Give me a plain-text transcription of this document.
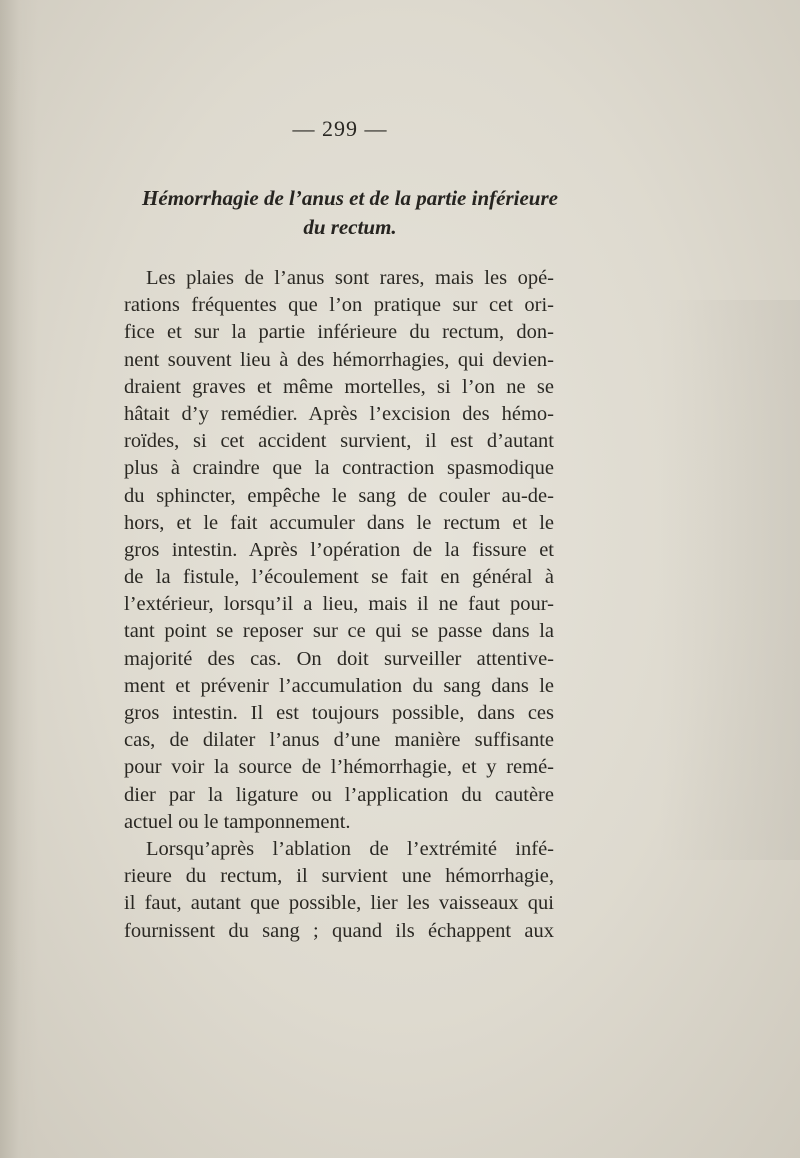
— 299 —
Hémorrhagie de l’anus et de la partie inférieure
du rectum.
Les plaies de l’anus sont rares, mais les opé-
rations fréquentes que l’on pratique sur cet ori-
fice et sur la partie inférieure du rectum, don-
nent souvent lieu à des hémorrhagies, qui devien-
draient graves et même mortelles, si l’on ne se
hâtait d’y remédier. Après l’excision des hémo-
roïdes, si cet accident survient, il est d’autant
plus à craindre que la contraction spasmodique
du sphincter, empêche le sang de couler au-de-
hors, et le fait accumuler dans le rectum et le
gros intestin. Après l’opération de la fissure et
de la fistule, l’écoulement se fait en général à
l’extérieur, lorsqu’il a lieu, mais il ne faut pour-
tant point se reposer sur ce qui se passe dans la
majorité des cas. On doit surveiller attentive-
ment et prévenir l’accumulation du sang dans le
gros intestin. Il est toujours possible, dans ces
cas, de dilater l’anus d’une manière suffisante
pour voir la source de l’hémorrhagie, et y remé-
dier par la ligature ou l’application du cautère
actuel ou le tamponnement.
Lorsqu’après l’ablation de l’extrémité infé-
rieure du rectum, il survient une hémorrhagie,
il faut, autant que possible, lier les vaisseaux qui
fournissent du sang ; quand ils échappent aux
